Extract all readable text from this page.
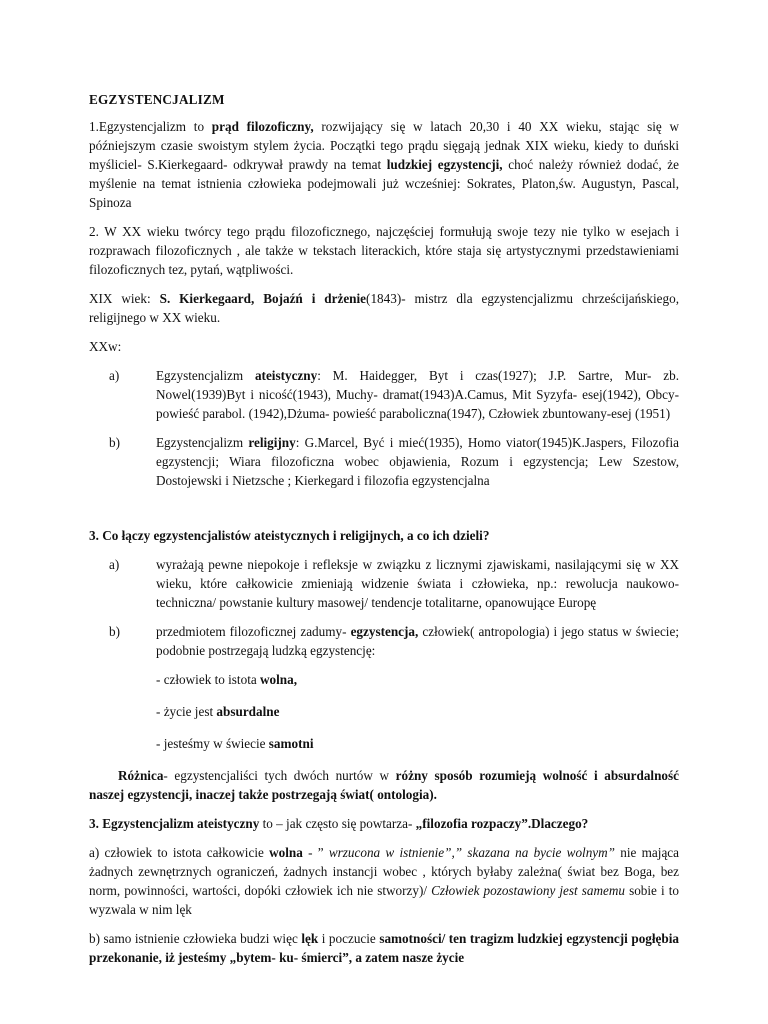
EGZYSTENCJALIZM

1.Egzystencjalizm to prąd filozoficzny, rozwijający się w latach 20,30 i 40 XX wieku, stając się w późniejszym czasie swoistym stylem życia. Początki tego prądu sięgają jednak XIX wieku, kiedy to duński myśliciel- S.Kierkegaard- odkrywał prawdy na temat ludzkiej egzystencji, choć należy również dodać, że myślenie na temat istnienia człowieka podejmowali już wcześniej: Sokrates, Platon,św. Augustyn, Pascal, Spinoza

2. W XX wieku twórcy tego prądu filozoficznego, najczęściej formułują swoje tezy nie tylko w esejach i rozprawach filozoficznych , ale także w tekstach literackich, które staja się artystycznymi przedstawieniami filozoficznych tez, pytań, wątpliwości.

XIX wiek: S. Kierkegaard, Bojaźń i drżenie(1843)- mistrz dla egzystencjalizmu chrześcijańskiego, religijnego w XX wieku.

XXw:

a)	Egzystencjalizm ateistyczny: M. Haidegger, Byt i czas(1927); J.P. Sartre, Mur- zb. Nowel(1939)Byt i nicość(1943), Muchy- dramat(1943)A.Camus, Mit Syzyfa- esej(1942), Obcy- powieść parabol. (1942),Dżuma- powieść paraboliczna(1947), Człowiek zbuntowany-esej (1951)
b)	Egzystencjalizm religijny: G.Marcel, Być i mieć(1935), Homo viator(1945)K.Jaspers, Filozofia egzystencji; Wiara filozoficzna wobec objawienia, Rozum i egzystencja; Lew Szestow, Dostojewski i Nietzsche ; Kierkegard i filozofia egzystencjalna

3. Co łączy egzystencjalistów ateistycznych i religijnych, a co ich dzieli?

a)	wyrażają pewne niepokoje i refleksje w związku z licznymi zjawiskami, nasilającymi się w XX wieku, które całkowicie zmieniają widzenie świata i człowieka, np.: rewolucja naukowo- techniczna/ powstanie kultury masowej/ tendencje totalitarne, opanowujące Europę
b)	przedmiotem filozoficznej zadumy- egzystencja, człowiek( antropologia) i jego status w świecie; podobnie postrzegają ludzką egzystencję:
- człowiek to istota wolna,
- życie jest absurdalne
- jesteśmy w świecie samotni

Różnica- egzystencjaliści tych dwóch nurtów w różny sposób rozumieją wolność i absurdalność naszej egzystencji, inaczej także postrzegają świat( ontologia).

3. Egzystencjalizm ateistyczny to – jak często się powtarza- „filozofia rozpaczy”.Dlaczego?

a) człowiek to istota całkowicie wolna - ” wrzucona w istnienie”,” skazana na bycie wolnym” nie mająca żadnych zewnętrznych ograniczeń, żadnych instancji wobec , których byłaby zależna( świat bez Boga, bez norm, powinności, wartości, dopóki człowiek ich nie stworzy)/ Człowiek pozostawiony jest samemu sobie i to wyzwala w nim lęk

b) samo istnienie człowieka budzi więc lęk i poczucie samotności/ ten tragizm ludzkiej egzystencji pogłębia przekonanie, iż jesteśmy „bytem- ku- śmierci”, a zatem nasze życie
